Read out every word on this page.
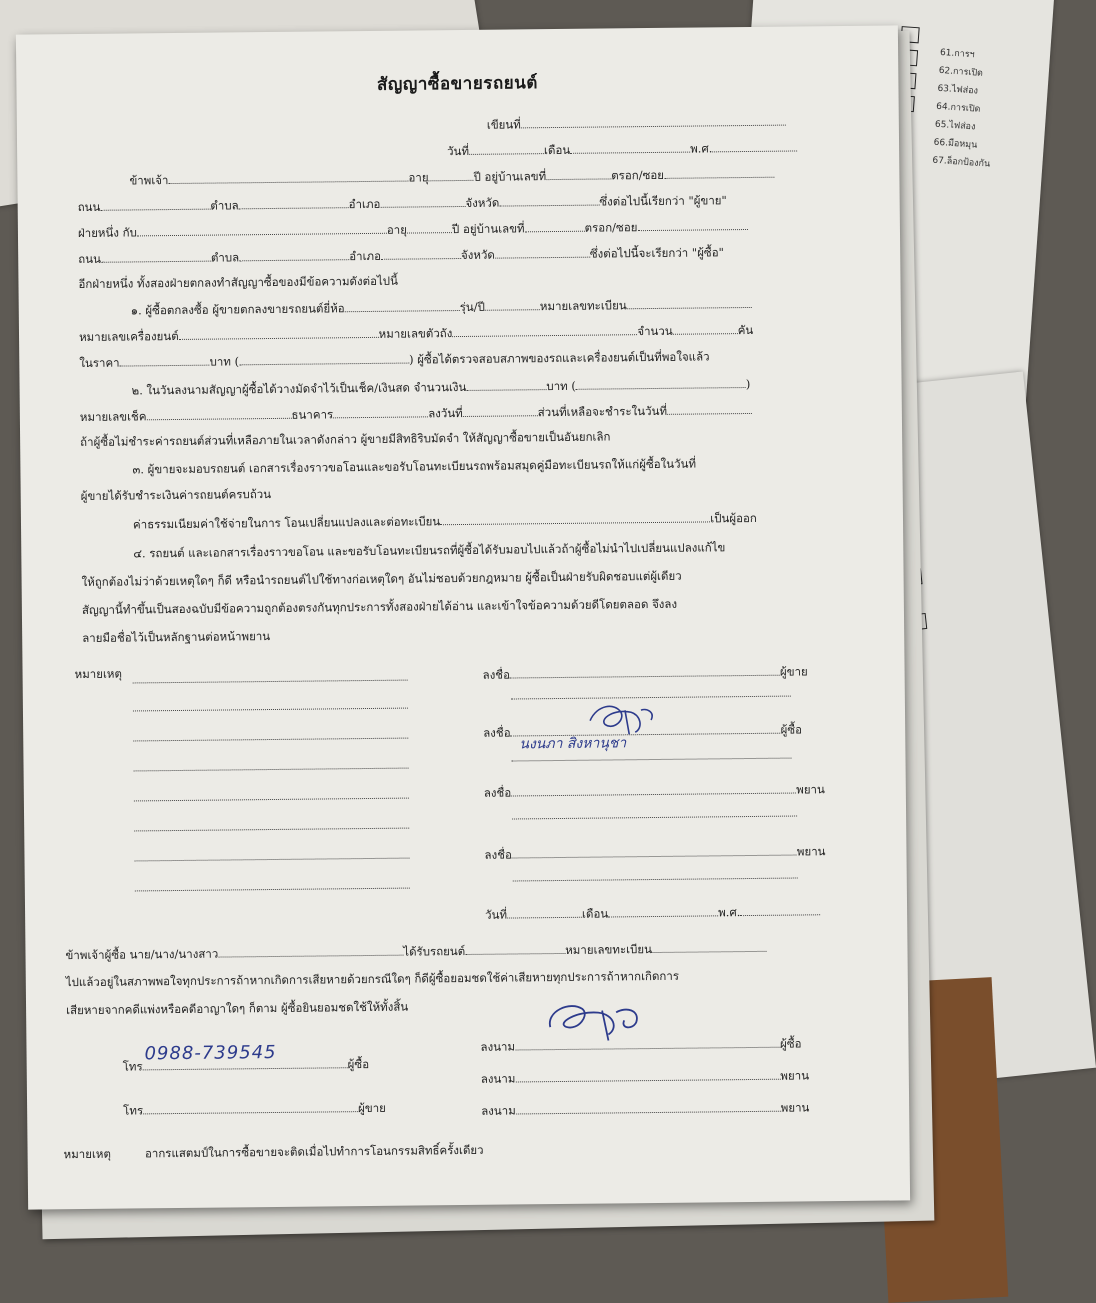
61.การฯ
62.การเปิด
63.ไฟส่อง
64.การเปิด
65.ไฟส่อง
66.มือหมุน
67.ล็อกป้องกัน
สัญญาซื้อขายรถยนต์
เขียนที่
วันที่	เดือน	พ.ศ.
ข้าพเจ้า	อายุ	ปี อยู่บ้านเลขที่	ตรอก/ซอย
ถนน	ตำบล	อำเภอ	จังหวัด	ซึ่งต่อไปนี้เรียกว่า "ผู้ขาย"
ฝ่ายหนึ่ง กับ	อายุ	ปี อยู่บ้านเลขที่	ตรอก/ซอย
ถนน	ตำบล	อำเภอ	จังหวัด	ซึ่งต่อไปนี้จะเรียกว่า "ผู้ซื้อ"
อีกฝ่ายหนึ่ง ทั้งสองฝ่ายตกลงทำสัญญาซื้อของมีข้อความดังต่อไปนี้
๑. ผู้ซื้อตกลงซื้อ ผู้ขายตกลงขายรถยนต์ยี่ห้อ	รุ่น/ปี	หมายเลขทะเบียน
หมายเลขเครื่องยนต์	หมายเลขตัวถัง	จำนวน	คัน
ในราคา	บาท (	) ผู้ซื้อได้ตรวจสอบสภาพของรถและเครื่องยนต์เป็นที่พอใจแล้ว
๒. ในวันลงนามสัญญาผู้ซื้อได้วางมัดจำไว้เป็นเช็ค/เงินสด จำนวนเงิน	บาท (	)
หมายเลขเช็ค	ธนาคาร	ลงวันที่	ส่วนที่เหลือจะชำระในวันที่
ถ้าผู้ซื้อไม่ชำระค่ารถยนต์ส่วนที่เหลือภายในเวลาดังกล่าว ผู้ขายมีสิทธิริบมัดจำ ให้สัญญาซื้อขายเป็นอันยกเลิก
๓. ผู้ขายจะมอบรถยนต์ เอกสารเรื่องราวขอโอนและขอรับโอนทะเบียนรถพร้อมสมุดคู่มือทะเบียนรถให้แก่ผู้ซื้อในวันที่
ผู้ขายได้รับชำระเงินค่ารถยนต์ครบถ้วน
ค่าธรรมเนียมค่าใช้จ่ายในการ โอนเปลี่ยนแปลงและต่อทะเบียน	เป็นผู้ออก
๔. รถยนต์ และเอกสารเรื่องราวขอโอน และขอรับโอนทะเบียนรถที่ผู้ซื้อได้รับมอบไปแล้วถ้าผู้ซื้อไม่นำไปเปลี่ยนแปลงแก้ไข
ให้ถูกต้องไม่ว่าด้วยเหตุใดๆ ก็ดี หรือนำรถยนต์ไปใช้ทางก่อเหตุใดๆ อันไม่ชอบด้วยกฎหมาย ผู้ซื้อเป็นฝ่ายรับผิดชอบแต่ผู้เดียว
สัญญานี้ทำขึ้นเป็นสองฉบับมีข้อความถูกต้องตรงกันทุกประการทั้งสองฝ่ายได้อ่าน และเข้าใจข้อความด้วยดีโดยตลอด จึงลง
ลายมือชื่อไว้เป็นหลักฐานต่อหน้าพยาน
หมายเหตุ	ลงชื่อ	ผู้ขาย
ลงชื่อ	ผู้ซื้อ
ลงชื่อ	พยาน
ลงชื่อ	พยาน
วันที่	เดือน	พ.ศ.
ข้าพเจ้าผู้ซื้อ นาย/นาง/นางสาว	ได้รับรถยนต์	หมายเลขทะเบียน
ไปแล้วอยู่ในสภาพพอใจทุกประการถ้าหากเกิดการเสียหายด้วยกรณีใดๆ ก็ดีผู้ซื้อยอมชดใช้ค่าเสียหายทุกประการถ้าหากเกิดการ
เสียหายจากคดีแพ่งหรือคดีอาญาใดๆ ก็ตาม ผู้ซื้อยินยอมชดใช้ให้ทั้งสิ้น
โทร	ผู้ซื้อ
โทร	ผู้ขาย
ลงนาม	ผู้ซื้อ
ลงนาม	พยาน
ลงนาม	พยาน
หมายเหตุ	อากรแสตมป์ในการซื้อขายจะติดเมื่อไปทำการโอนกรรมสิทธิ์ครั้งเดียว
นงนภา สิงหานุชา
0988-739545
